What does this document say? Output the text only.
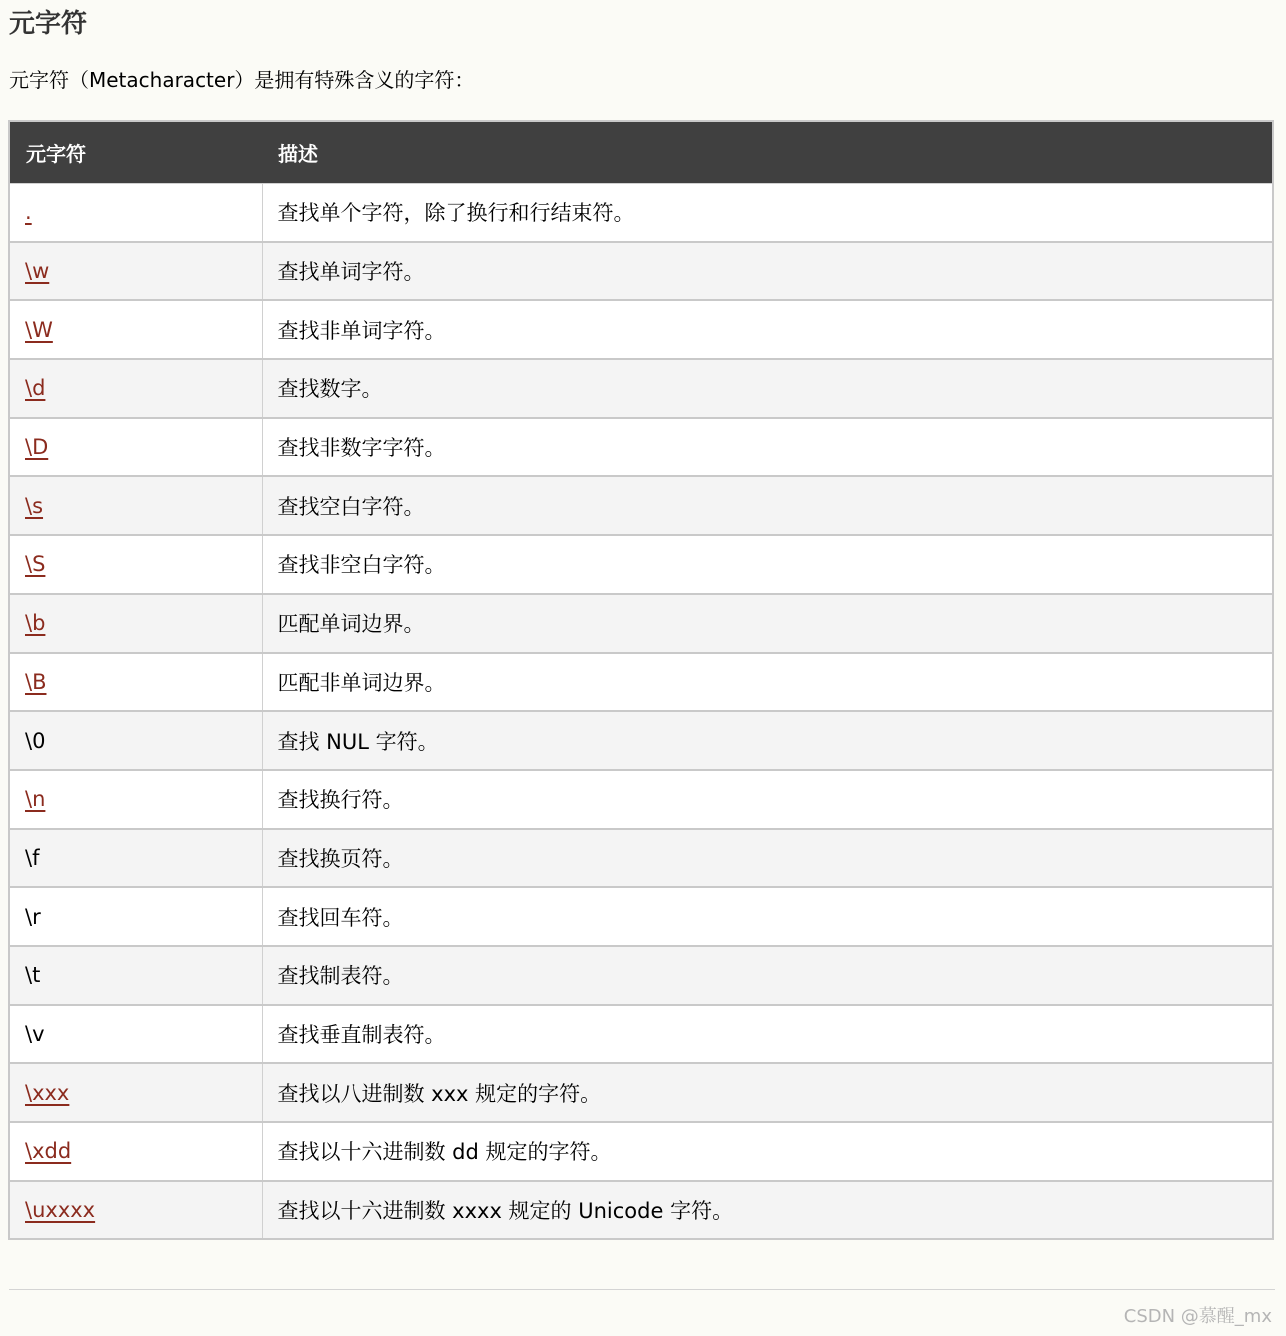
元字符

元字符（Metacharacter）是拥有特殊含义的字符：

元字符	描述
.	查找单个字符，除了换行和行结束符。
\w	查找单词字符。
\W	查找非单词字符。
\d	查找数字。
\D	查找非数字字符。
\s	查找空白字符。
\S	查找非空白字符。
\b	匹配单词边界。
\B	匹配非单词边界。
\0	查找 NUL 字符。
\n	查找换行符。
\f	查找换页符。
\r	查找回车符。
\t	查找制表符。
\v	查找垂直制表符。
\xxx	查找以八进制数 xxx 规定的字符。
\xdd	查找以十六进制数 dd 规定的字符。
\uxxxx	查找以十六进制数 xxxx 规定的 Unicode 字符。
CSDN @慕醒_mx
